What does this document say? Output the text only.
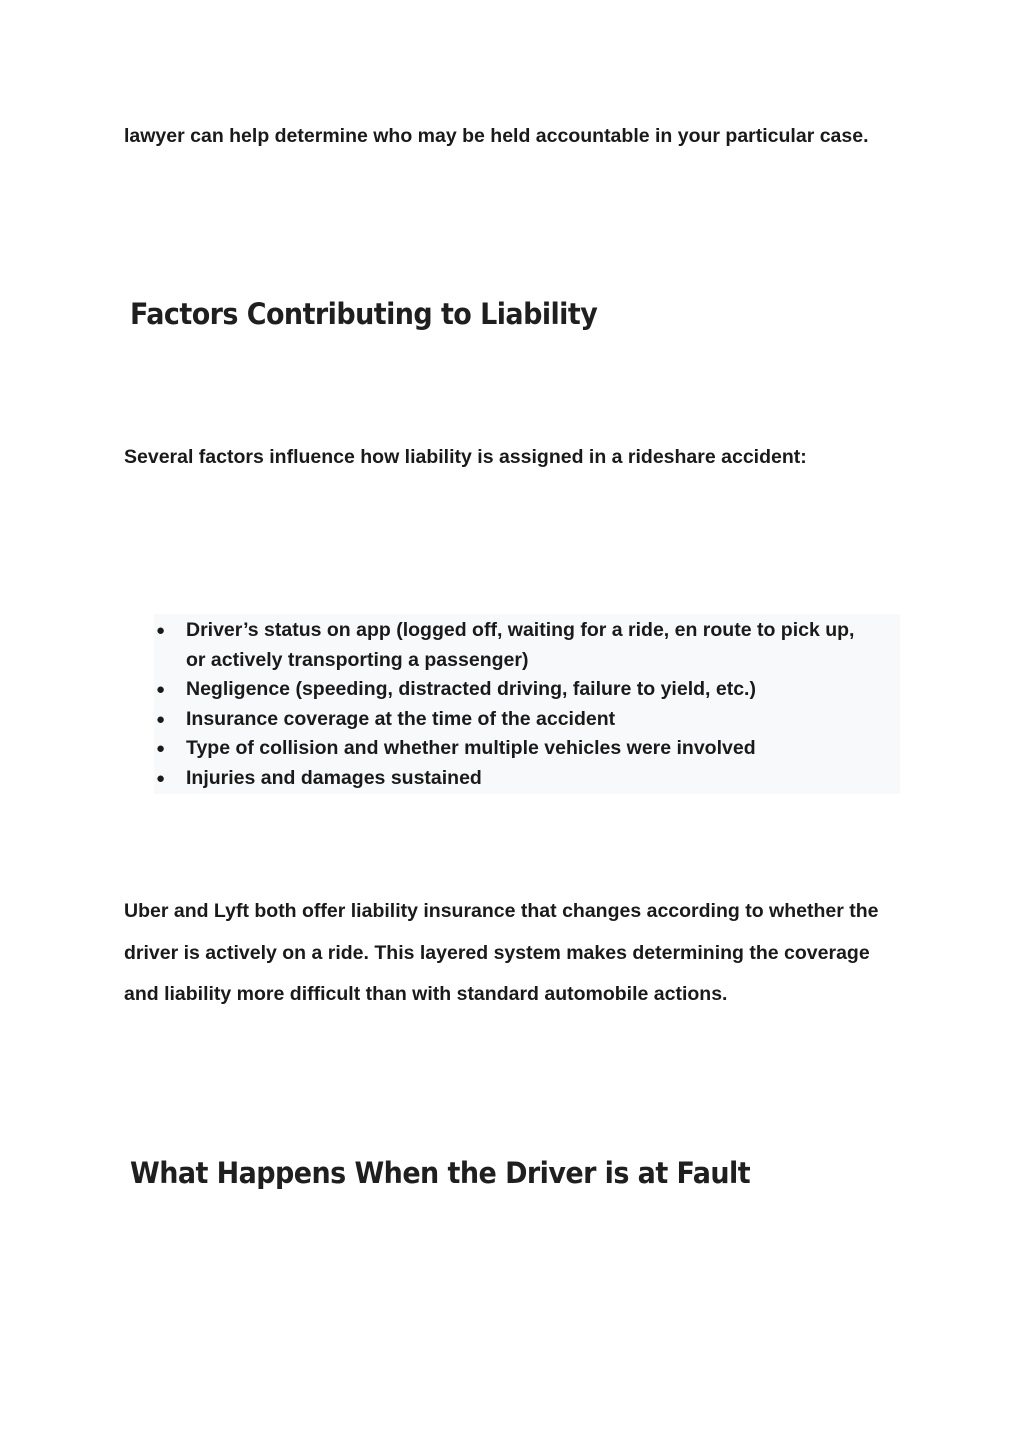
lawyer can help determine who may be held accountable in your particular case.

Factors Contributing to Liability

Several factors influence how liability is assigned in a rideshare accident:

● Driver’s status on app (logged off, waiting for a ride, en route to pick up, or actively transporting a passenger)
● Negligence (speeding, distracted driving, failure to yield, etc.)
● Insurance coverage at the time of the accident
● Type of collision and whether multiple vehicles were involved
● Injuries and damages sustained

Uber and Lyft both offer liability insurance that changes according to whether the driver is actively on a ride. This layered system makes determining the coverage and liability more difficult than with standard automobile actions.

What Happens When the Driver is at Fault
